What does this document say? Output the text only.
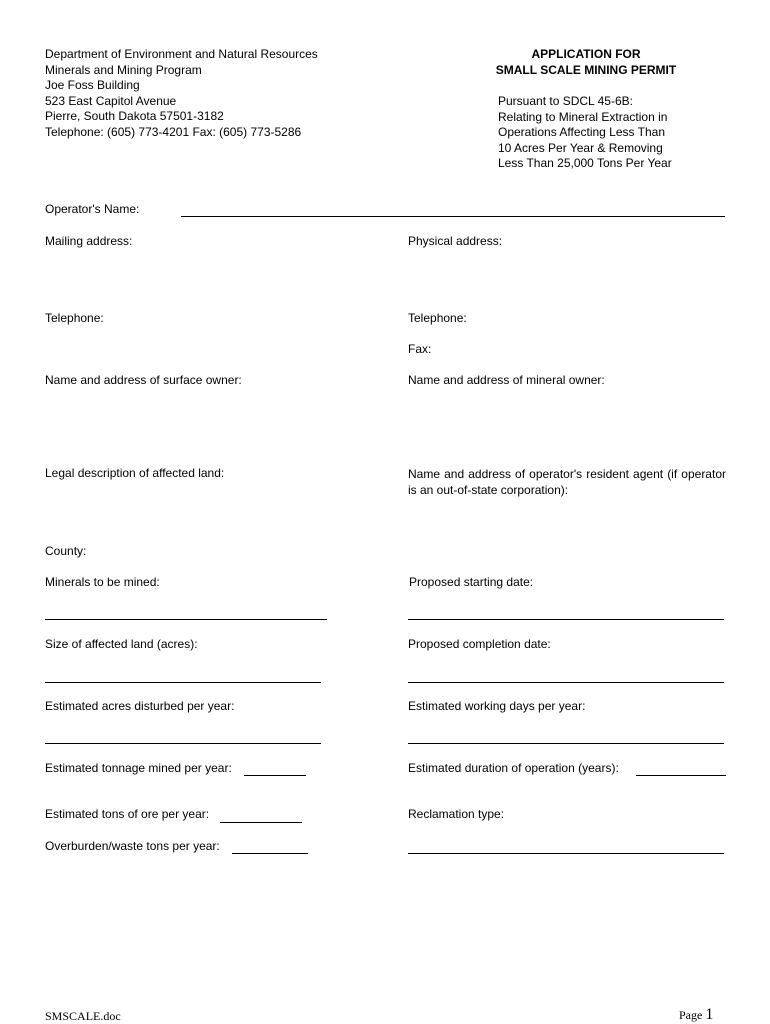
Department of Environment and Natural Resources
Minerals and Mining Program
Joe Foss Building
523 East Capitol Avenue
Pierre, South Dakota 57501-3182
Telephone: (605) 773-4201 Fax: (605) 773-5286
APPLICATION FOR
SMALL SCALE MINING PERMIT
Pursuant to SDCL 45-6B:
Relating to Mineral Extraction in
Operations Affecting Less Than
10 Acres Per Year & Removing
Less Than 25,000 Tons Per Year
Operator's Name:
Mailing address:	Physical address:
Telephone:	Telephone:
Fax:
Name and address of surface owner:	Name and address of mineral owner:
Legal description of affected land:	Name and address of operator's resident agent (if operator is an out-of-state corporation):
County:
Minerals to be mined:	Proposed starting date:
Size of affected land (acres):	Proposed completion date:
Estimated acres disturbed per year:	Estimated working days per year:
Estimated tonnage mined per year:	Estimated duration of operation (years):
Estimated tons of ore per year:	Reclamation type:
Overburden/waste tons per year:
SMSCALE.doc	Page 1
